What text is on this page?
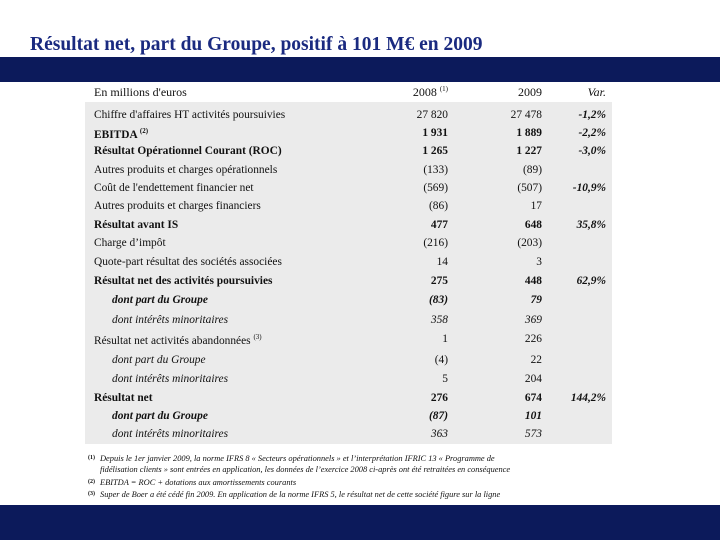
Résultat net, part du Groupe, positif à 101 M€ en 2009
En millions d'euros	2008 $^{(1)}$	2009	Var.
Chiffre d'affaires HT activités poursuivies	27 820	27 478	-1,2%
EBITDA $^{(2)}$	1 931	1 889	-2,2%
Résultat Opérationnel Courant (ROC)	1 265	1 227	-3,0%
Autres produits et charges opérationnels	(133)	(89)
Coût de l'endettement financier net	(569)	(507)	-10,9%
Autres produits et charges financiers	(86)	17
Résultat avant IS	477	648	35,8%
Charge d’impôt	(216)	(203)
Quote-part résultat des sociétés associées	14	3
Résultat net des activités poursuivies	275	448	62,9%
dont part du Groupe	(83)	79
dont intérêts minoritaires	358	369
Résultat net activités abandonnées $^{(3)}$	1	226
dont part du Groupe	(4)	22
dont intérêts minoritaires	5	204
Résultat net	276	674	144,2%
dont part du Groupe	(87)	101
dont intérêts minoritaires	363	573
(1) Depuis le 1er janvier 2009, la norme IFRS 8 « Secteurs opérationnels » et l’interprétation IFRIC 13 « Programme de
fidélisation clients » sont entrées en application, les données de l’exercice 2008 ci-après ont été retraitées en conséquence
(2) EBITDA = ROC + dotations aux amortissements courants
(3) Super de Boer a été cédé fin 2009. En application de la norme IFRS 5, le résultat net de cette société figure sur la ligne
